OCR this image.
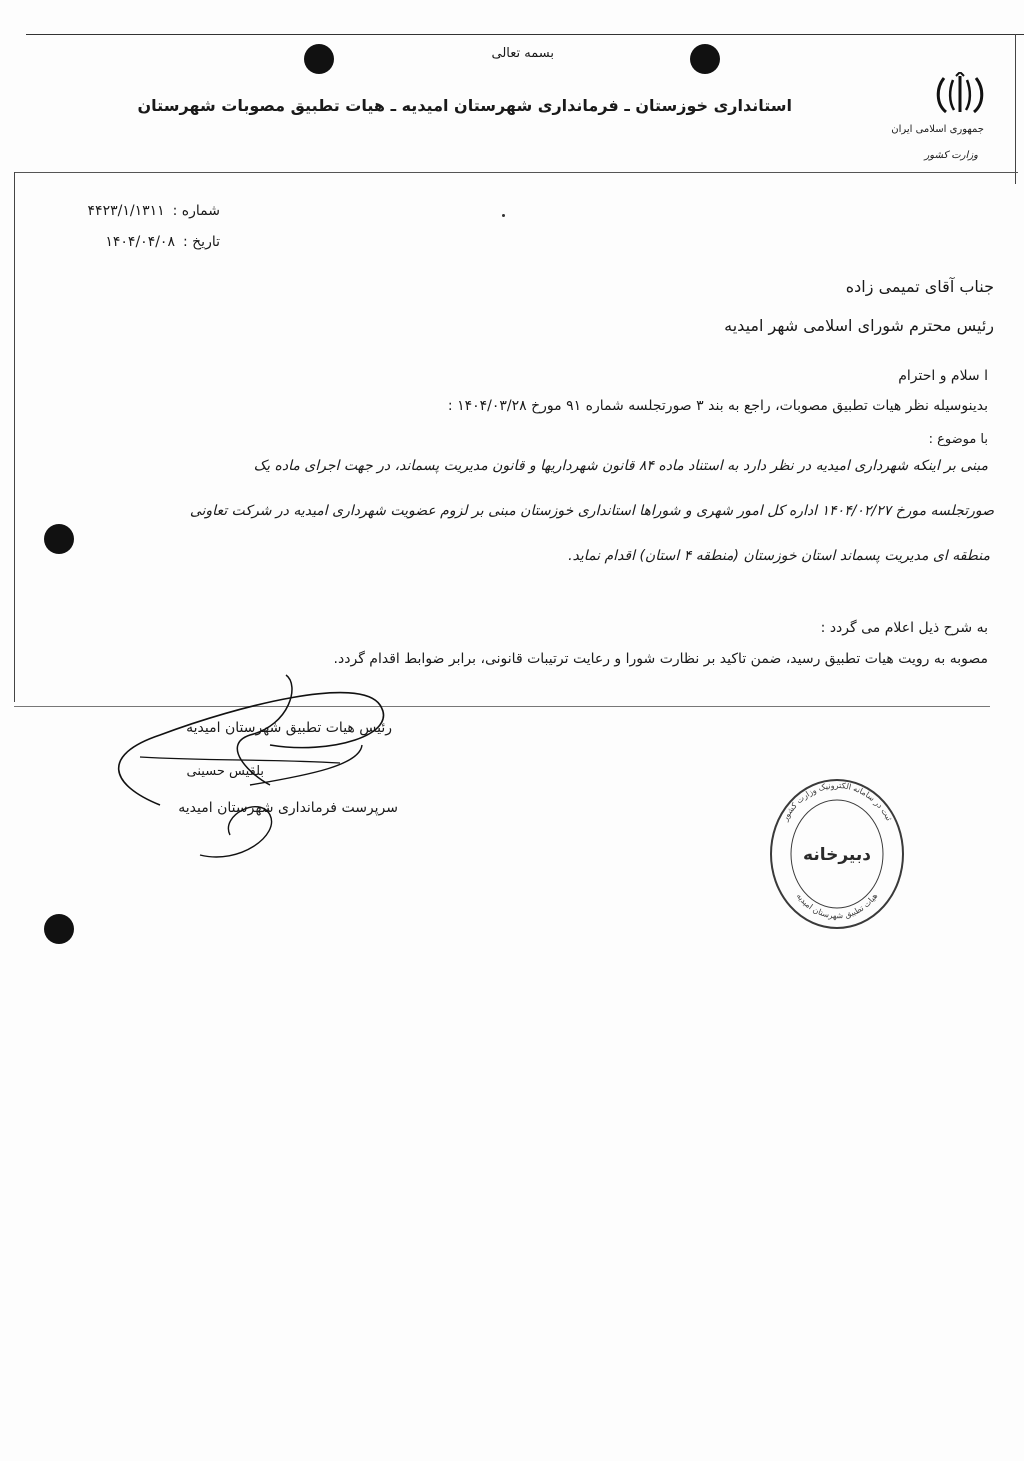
بسمه تعالی
استانداری خوزستان ـ فرمانداری شهرستان امیدیه ـ هیات تطبیق مصوبات شهرستان
جمهوری اسلامی ایران
وزارت کشور
شماره :۴۴۲۳/۱/۱۳۱۱
تاریخ :۱۴۰۴/۰۴/۰۸
جناب آقای تمیمی زاده
رئیس محترم شورای اسلامی شهر امیدیه
ا سلام و احترام
بدینوسیله نظر هیات تطبیق مصوبات، راجع به بند ۳ صورتجلسه شماره ۹۱ مورخ ۱۴۰۴/۰۳/۲۸ :
با موضوع :
مبنی بر اینکه شهرداری امیدیه در نظر دارد به استناد ماده ۸۴ قانون شهرداریها و قانون مدیریت پسماند، در جهت اجرای ماده یک
صورتجلسه مورخ ۱۴۰۴/۰۲/۲۷ اداره کل امور شهری و شوراها استانداری خوزستان مبنی بر لزوم عضویت شهرداری امیدیه در شرکت تعاونی
منطقه ای مدیریت پسماند استان خوزستان (منطقه ۴ استان) اقدام نماید.
به شرح ذیل اعلام می گردد :
مصوبه به رویت هیات تطبیق رسید، ضمن تاکید بر نظارت شورا و رعایت ترتیبات قانونی، برابر ضوابط اقدام گردد.
رئیس هیات تطبیق شهرستان امیدیه
بلقیس حسینی
سرپرست فرمانداری شهرستان امیدیه
ثبت در سامانه الکترونیک وزارت کشور
هیات تطبیق شهرستان امیدیه
دبیرخانه
